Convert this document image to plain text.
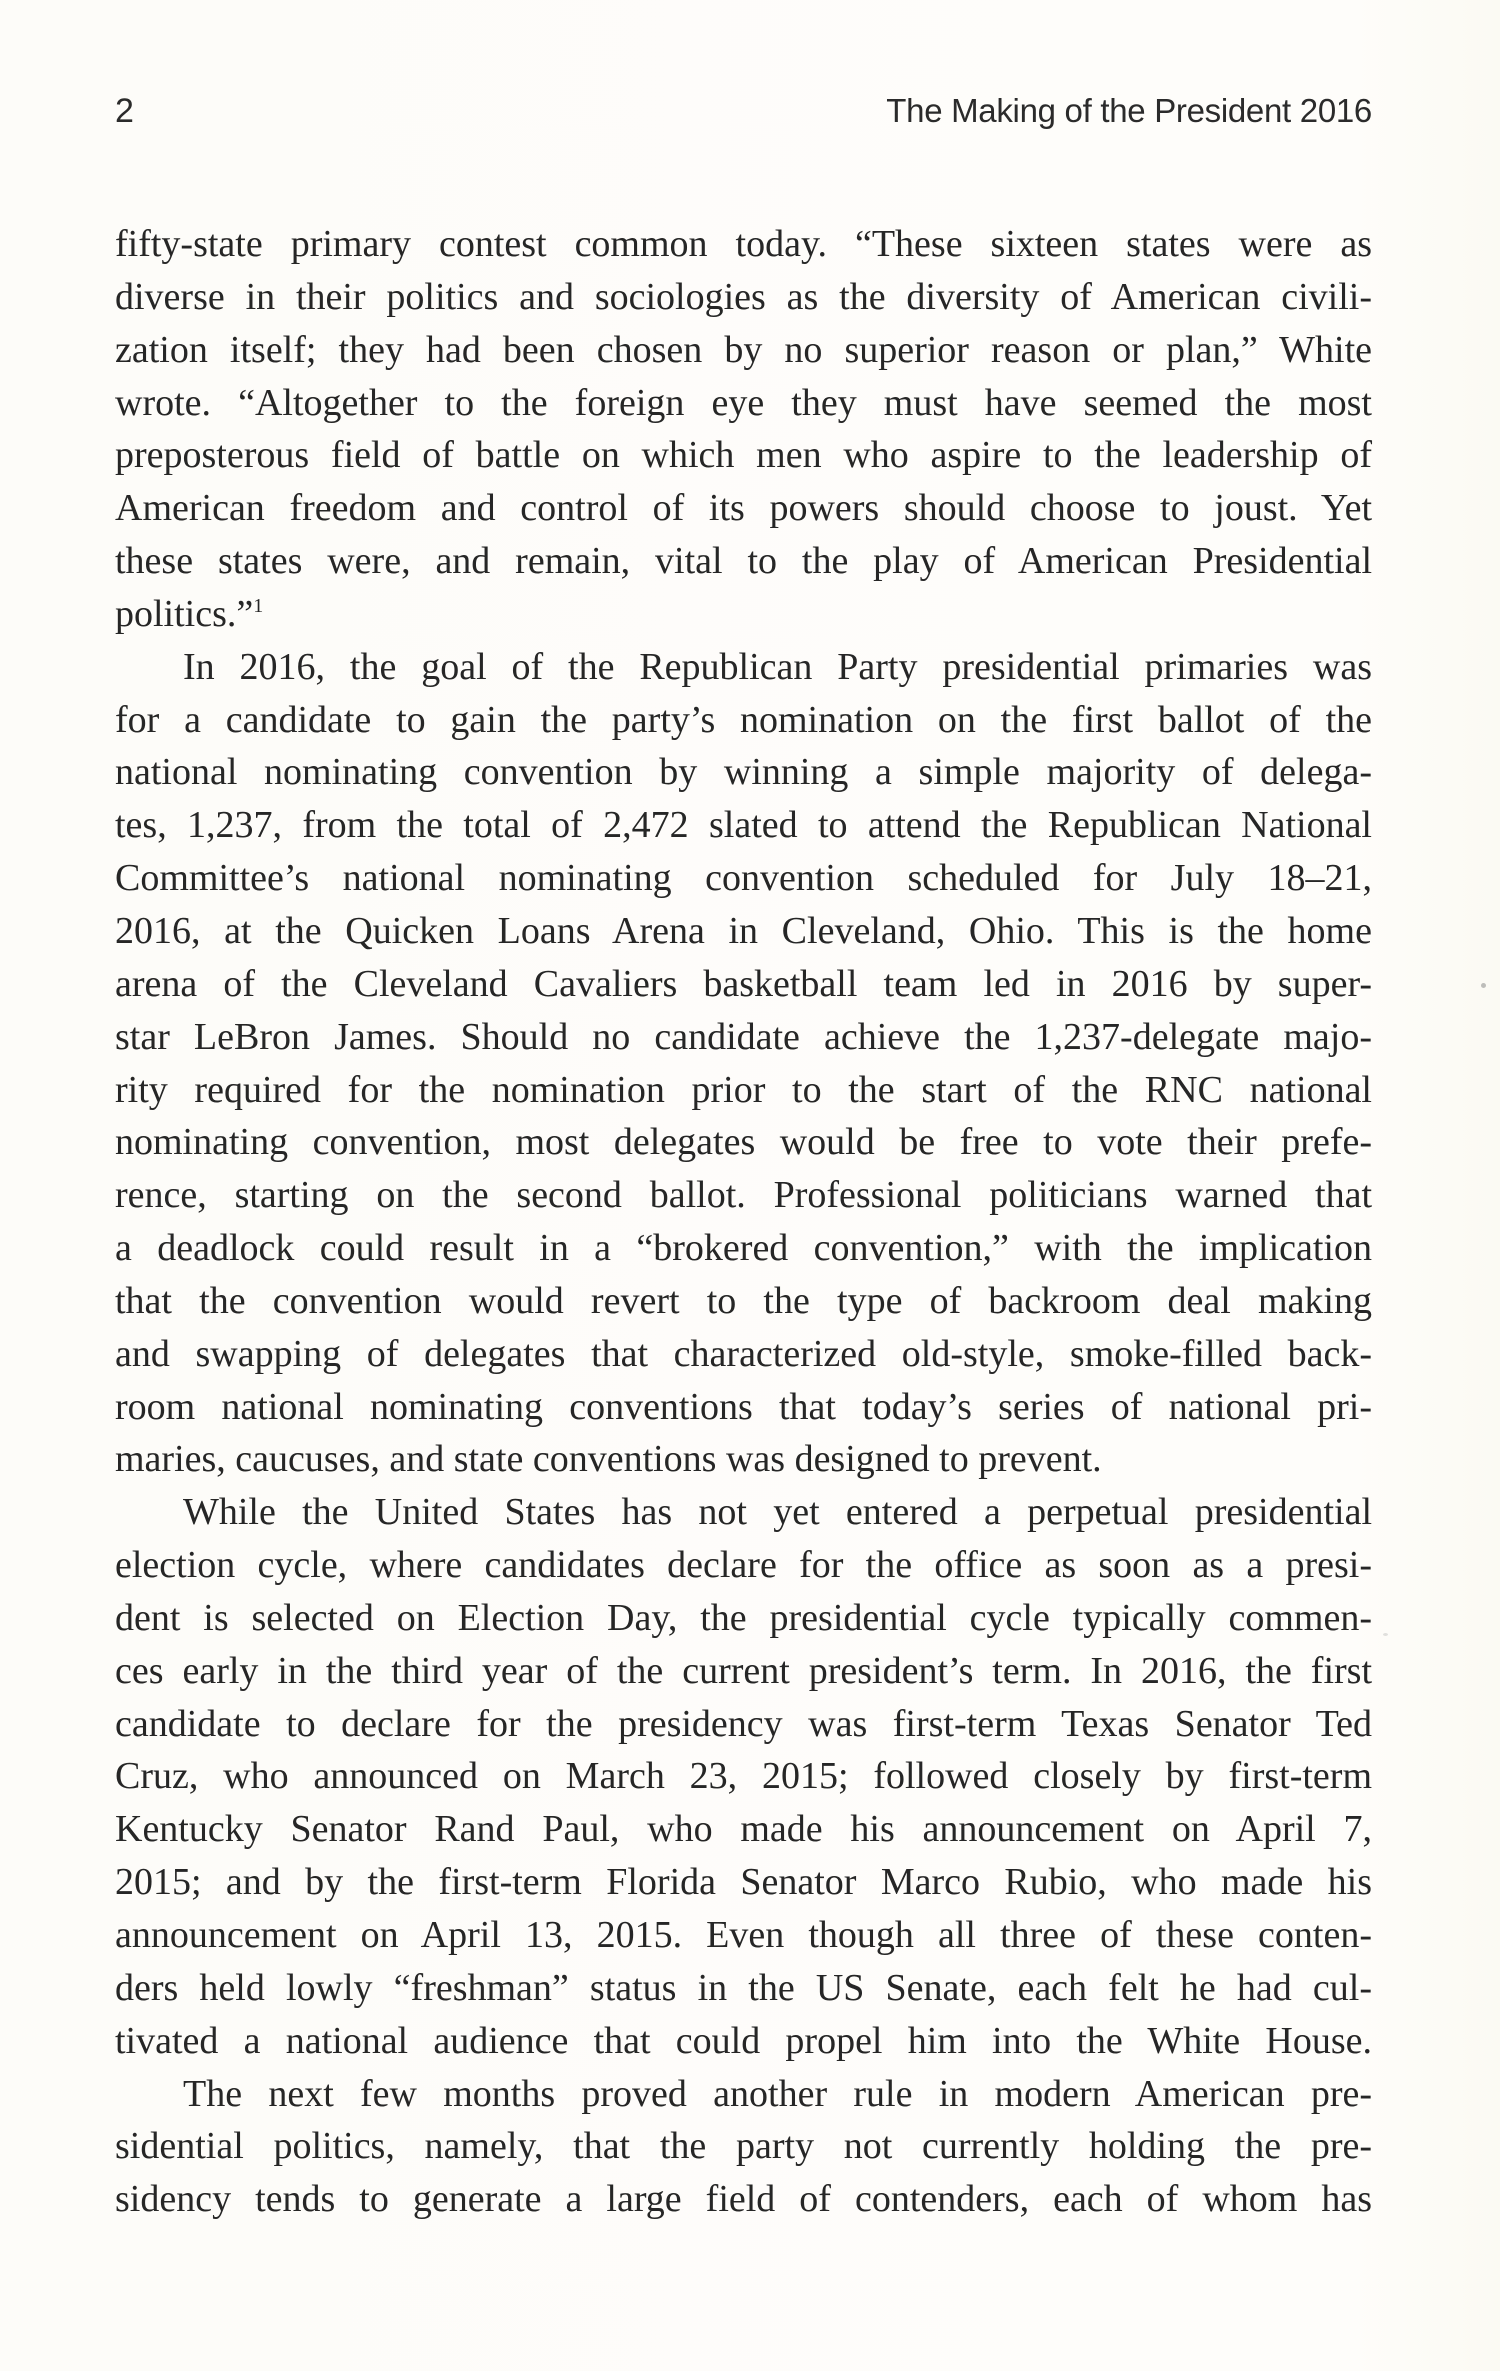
2	The Making of the President 2016
fifty-state primary contest common today. “These sixteen states were as
diverse in their politics and sociologies as the diversity of American civili-
zation itself; they had been chosen by no superior reason or plan,” White
wrote. “Altogether to the foreign eye they must have seemed the most
preposterous field of battle on which men who aspire to the leadership of
American freedom and control of its powers should choose to joust. Yet
these states were, and remain, vital to the play of American Presidential
politics.”$^1$
In 2016, the goal of the Republican Party presidential primaries was
for a candidate to gain the party’s nomination on the first ballot of the
national nominating convention by winning a simple majority of delega-
tes, 1,237, from the total of 2,472 slated to attend the Republican National
Committee’s national nominating convention scheduled for July 18–21,
2016, at the Quicken Loans Arena in Cleveland, Ohio. This is the home
arena of the Cleveland Cavaliers basketball team led in 2016 by super-
star LeBron James. Should no candidate achieve the 1,237-delegate majo-
rity required for the nomination prior to the start of the RNC national
nominating convention, most delegates would be free to vote their prefe-
rence, starting on the second ballot. Professional politicians warned that
a deadlock could result in a “brokered convention,” with the implication
that the convention would revert to the type of backroom deal making
and swapping of delegates that characterized old-style, smoke-filled back-
room national nominating conventions that today’s series of national pri-
maries, caucuses, and state conventions was designed to prevent.
While the United States has not yet entered a perpetual presidential
election cycle, where candidates declare for the office as soon as a presi-
dent is selected on Election Day, the presidential cycle typically commen-
ces early in the third year of the current president’s term. In 2016, the first
candidate to declare for the presidency was first-term Texas Senator Ted
Cruz, who announced on March 23, 2015; followed closely by first-term
Kentucky Senator Rand Paul, who made his announcement on April 7,
2015; and by the first-term Florida Senator Marco Rubio, who made his
announcement on April 13, 2015. Even though all three of these conten-
ders held lowly “freshman” status in the US Senate, each felt he had cul-
tivated a national audience that could propel him into the White House.
The next few months proved another rule in modern American pre-
sidential politics, namely, that the party not currently holding the pre-
sidency tends to generate a large field of contenders, each of whom has
